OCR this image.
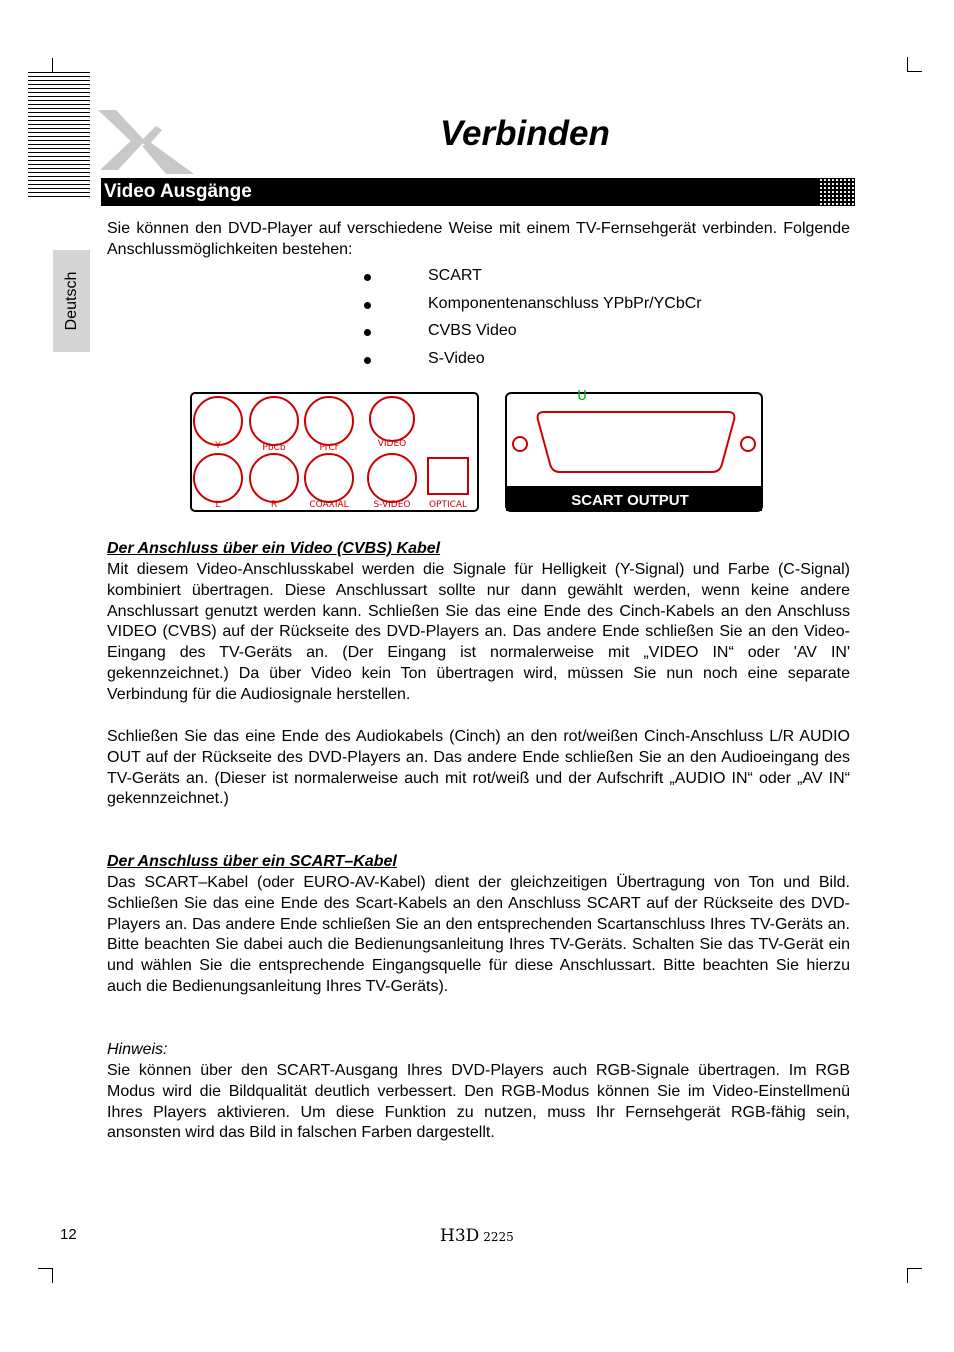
Verbinden
Video Ausgänge
Deutsch

Sie können den DVD-Player auf verschiedene Weise mit einem TV-Fernsehgerät verbinden. Folgende Anschlussmöglichkeiten bestehen:

SCART
Komponentenanschluss YPbPr/YCbCr
CVBS Video
S-Video
Y	PbCb	PrCr	VIDEO
L	R	COAXIAL	S-VIDEO OPTICAL
U
SCART OUTPUT
Der Anschluss über ein Video (CVBS) Kabel

Mit diesem Video-Anschlusskabel werden die Signale für Helligkeit (Y-Signal) und Farbe (C-Signal) kombiniert übertragen. Diese Anschlussart sollte nur dann gewählt werden, wenn keine andere Anschlussart genutzt werden kann. Schließen Sie das eine Ende des Cinch-Kabels an den Anschluss VIDEO (CVBS) auf der Rückseite des DVD-Players an. Das andere Ende schließen Sie an den Video-Eingang des TV-Geräts an. (Der Eingang ist normalerweise mit „VIDEO IN“ oder 'AV IN' gekennzeichnet.) Da über Video kein Ton übertragen wird, müssen Sie nun noch eine separate Verbindung für die Audiosignale herstellen.

Schließen Sie das eine Ende des Audiokabels (Cinch) an den rot/weißen Cinch-Anschluss L/R AUDIO OUT auf der Rückseite des DVD-Players an. Das andere Ende schließen Sie an den Audioeingang des TV-Geräts an. (Dieser ist normalerweise auch mit rot/weiß und der Aufschrift „AUDIO IN“ oder „AV IN“ gekennzeichnet.)

Der Anschluss über ein SCART–Kabel

Das SCART–Kabel (oder EURO-AV-Kabel) dient der gleichzeitigen Übertragung von Ton und Bild. Schließen Sie das eine Ende des Scart-Kabels an den Anschluss SCART auf der Rückseite des DVD-Players an. Das andere Ende schließen Sie an den entsprechenden Scartanschluss Ihres TV-Geräts an. Bitte beachten Sie dabei auch die Bedienungsanleitung Ihres TV-Geräts. Schalten Sie das TV-Gerät ein und wählen Sie die entsprechende Eingangsquelle für diese Anschlussart. Bitte beachten Sie hierzu auch die Bedienungsanleitung Ihres TV-Geräts).

Hinweis:

Sie können über den SCART-Ausgang Ihres DVD-Players auch RGB-Signale übertragen. Im RGB Modus wird die Bildqualität deutlich verbessert. Den RGB-Modus können Sie im Video-Einstellmenü Ihres Players aktivieren. Um diese Funktion zu nutzen, muss Ihr Fernsehgerät RGB-fähig sein, ansonsten wird das Bild in falschen Farben dargestellt.

12	H3D 2225
